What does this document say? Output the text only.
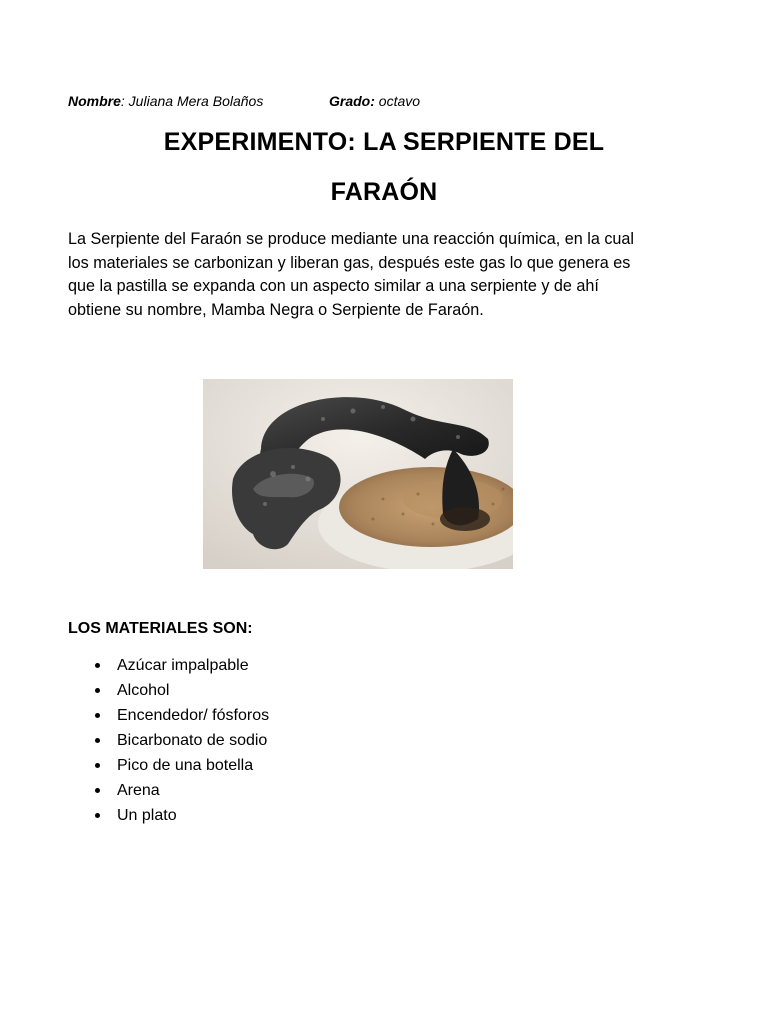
Nombre: Juliana Mera Bolaños	Grado: octavo
EXPERIMENTO: LA SERPIENTE DEL
FARAÓN
La Serpiente del Faraón se produce mediante una reacción química, en la cual
los materiales se carbonizan y liberan gas, después este gas lo que genera es
que la pastilla se expanda con un aspecto similar a una serpiente y de ahí
obtiene su nombre, Mamba Negra o Serpiente de Faraón.
LOS MATERIALES SON:
Azúcar impalpable
Alcohol
Encendedor/ fósforos
Bicarbonato de sodio
Pico de una botella
Arena
Un plato
